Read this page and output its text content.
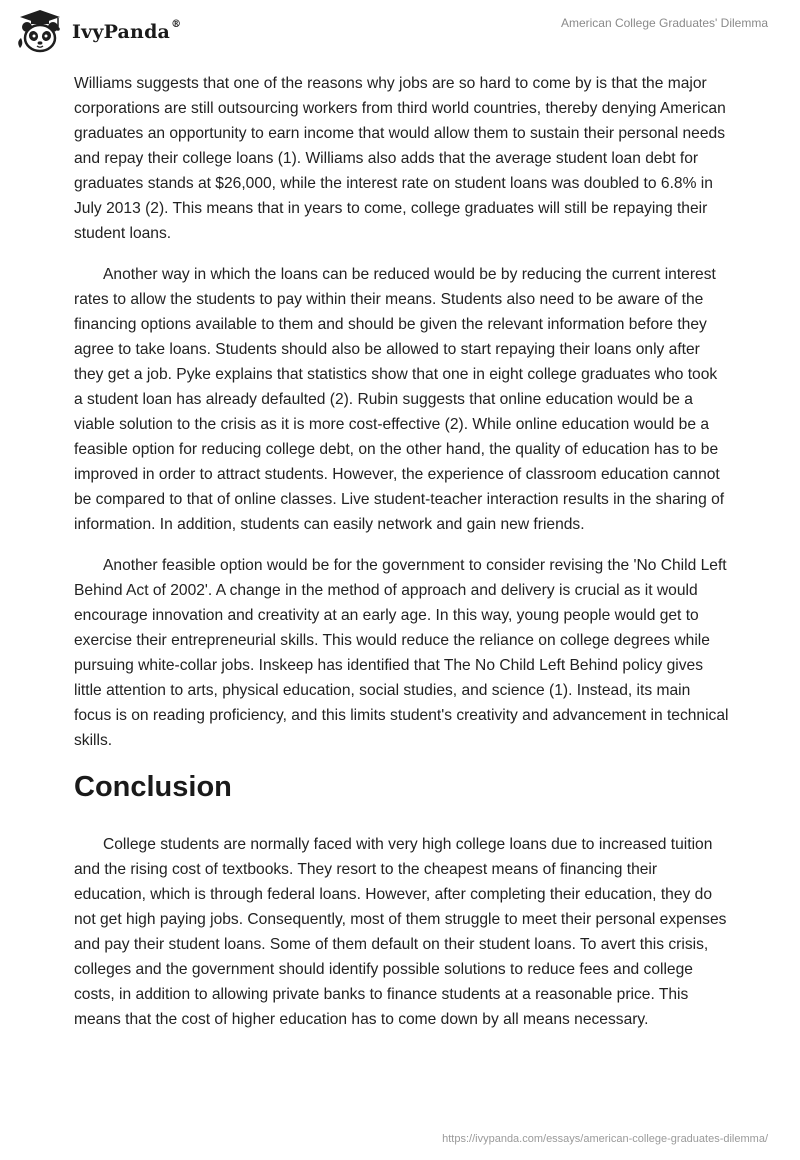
IvyPanda®	American College Graduates' Dilemma

Williams suggests that one of the reasons why jobs are so hard to come by is that the major corporations are still outsourcing workers from third world countries, thereby denying American graduates an opportunity to earn income that would allow them to sustain their personal needs and repay their college loans (1). Williams also adds that the average student loan debt for graduates stands at $26,000, while the interest rate on student loans was doubled to 6.8% in July 2013 (2). This means that in years to come, college graduates will still be repaying their student loans.

Another way in which the loans can be reduced would be by reducing the current interest rates to allow the students to pay within their means. Students also need to be aware of the financing options available to them and should be given the relevant information before they agree to take loans. Students should also be allowed to start repaying their loans only after they get a job. Pyke explains that statistics show that one in eight college graduates who took a student loan has already defaulted (2). Rubin suggests that online education would be a viable solution to the crisis as it is more cost-effective (2). While online education would be a feasible option for reducing college debt, on the other hand, the quality of education has to be improved in order to attract students. However, the experience of classroom education cannot be compared to that of online classes. Live student-teacher interaction results in the sharing of information. In addition, students can easily network and gain new friends.

Another feasible option would be for the government to consider revising the 'No Child Left Behind Act of 2002'. A change in the method of approach and delivery is crucial as it would encourage innovation and creativity at an early age. In this way, young people would get to exercise their entrepreneurial skills. This would reduce the reliance on college degrees while pursuing white-collar jobs. Inskeep has identified that The No Child Left Behind policy gives little attention to arts, physical education, social studies, and science (1). Instead, its main focus is on reading proficiency, and this limits student's creativity and advancement in technical skills.

Conclusion

College students are normally faced with very high college loans due to increased tuition and the rising cost of textbooks. They resort to the cheapest means of financing their education, which is through federal loans. However, after completing their education, they do not get high paying jobs. Consequently, most of them struggle to meet their personal expenses and pay their student loans. Some of them default on their student loans. To avert this crisis, colleges and the government should identify possible solutions to reduce fees and college costs, in addition to allowing private banks to finance students at a reasonable price. This means that the cost of higher education has to come down by all means necessary.

https://ivypanda.com/essays/american-college-graduates-dilemma/
